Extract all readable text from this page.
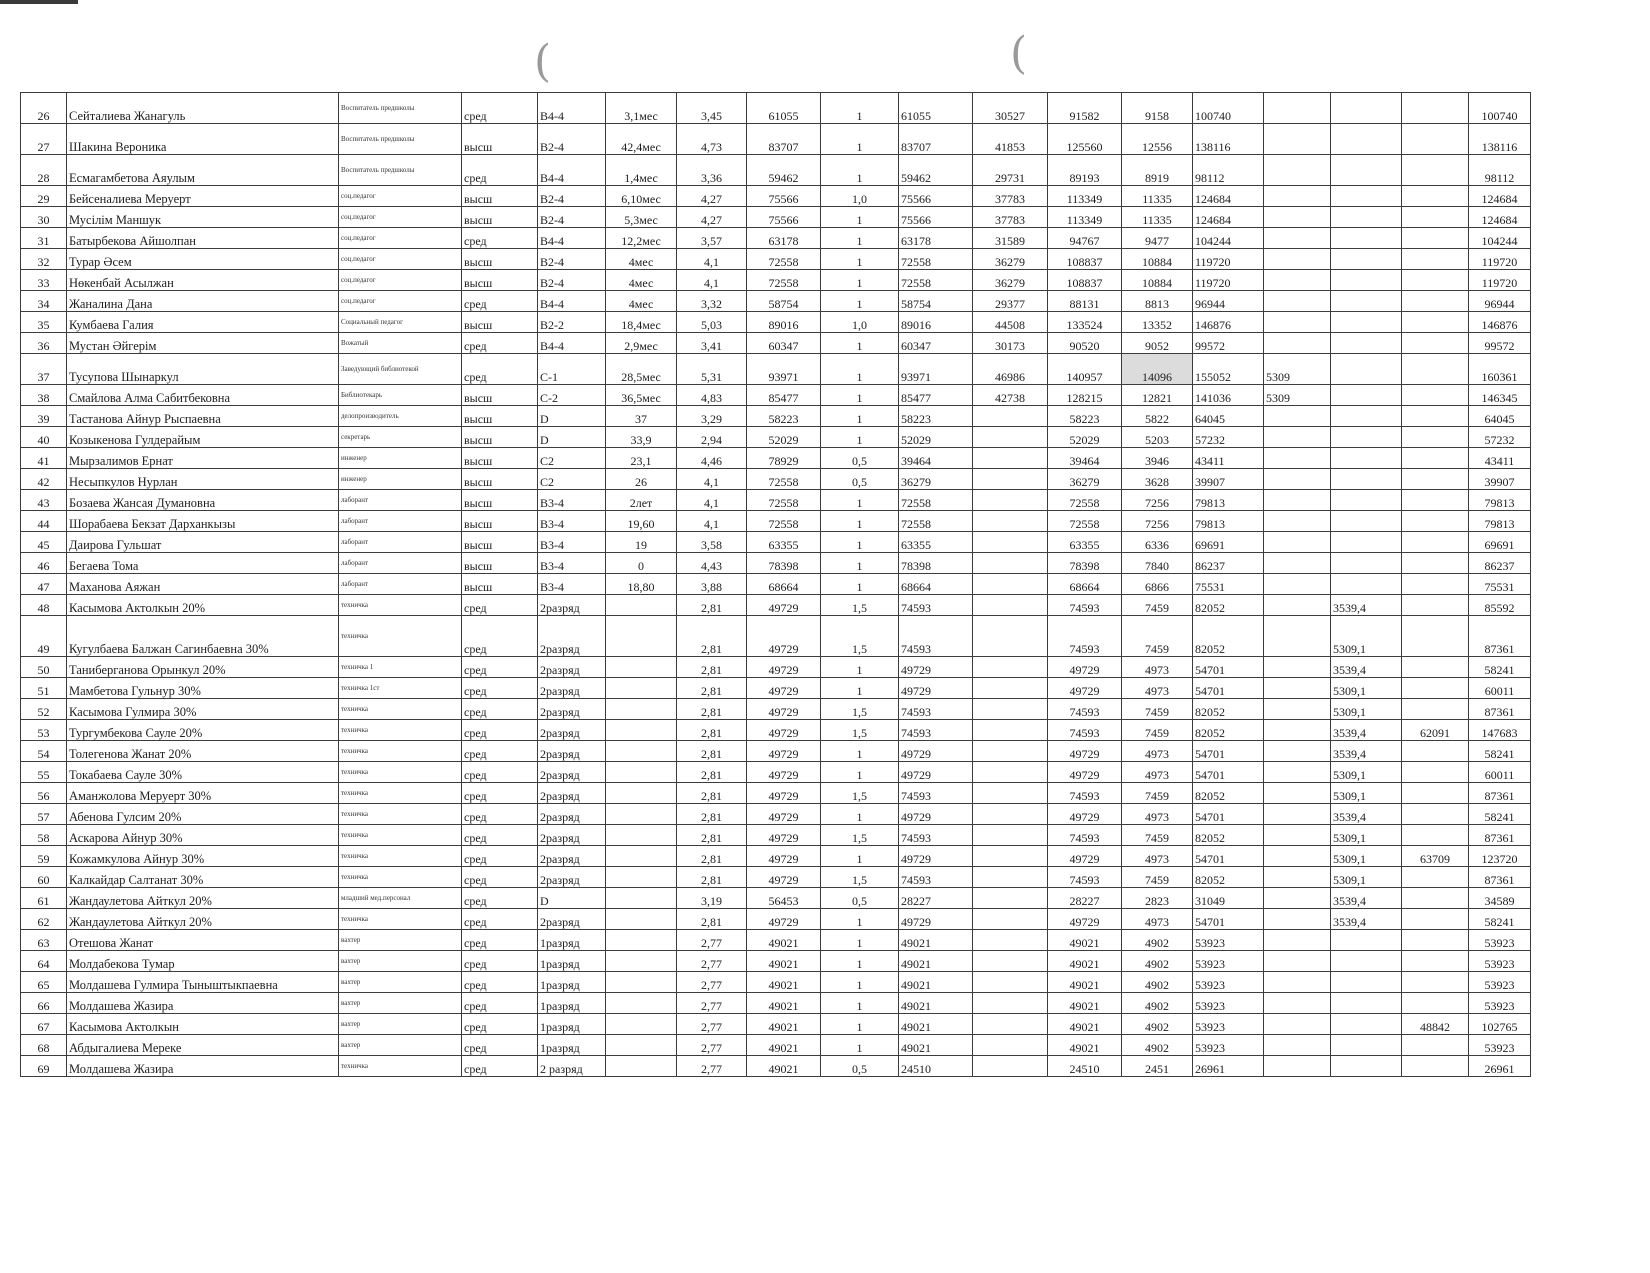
(	(
26	Сейталиева Жанагуль	Воспитатель предшколы	сред	B4-4	3,1мес	3,45	61055	1	61055	30527	91582	9158	100740				100740
27	Шакина Вероника	Воспитатель предшколы	высш	B2-4	42,4мес	4,73	83707	1	83707	41853	125560	12556	138116				138116
28	Есмагамбетова Аяулым	Воспитатель предшколы	сред	B4-4	1,4мес	3,36	59462	1	59462	29731	89193	8919	98112				98112
29	Бейсеналиева Меруерт	соц.педагог	высш	B2-4	6,10мес	4,27	75566	1,0	75566	37783	113349	11335	124684				124684
30	Мусілім Маншук	соц.педагог	высш	B2-4	5,3мес	4,27	75566	1	75566	37783	113349	11335	124684				124684
31	Батырбекова Айшолпан	соц.педагог	сред	B4-4	12,2мес	3,57	63178	1	63178	31589	94767	9477	104244				104244
32	Турар Әсем	соц.педагог	высш	B2-4	4мес	4,1	72558	1	72558	36279	108837	10884	119720				119720
33	Нөкенбай Асылжан	соц.педагог	высш	B2-4	4мес	4,1	72558	1	72558	36279	108837	10884	119720				119720
34	Жаналина Дана	соц.педагог	сред	B4-4	4мес	3,32	58754	1	58754	29377	88131	8813	96944				96944
35	Кумбаева Галия	Социальный педагог	высш	B2-2	18,4мес	5,03	89016	1,0	89016	44508	133524	13352	146876				146876
36	Мустан Әйгерім	Вожатый	сред	B4-4	2,9мес	3,41	60347	1	60347	30173	90520	9052	99572				99572
37	Тусупова Шынаркул	Заведующий библиотекой	сред	C-1	28,5мес	5,31	93971	1	93971	46986	140957	14096	155052	5309			160361
38	Смайлова Алма Сабитбековна	Библиотекарь	высш	C-2	36,5мес	4,83	85477	1	85477	42738	128215	12821	141036	5309			146345
39	Тастанова Айнур Рыспаевна	делопроизводитель	высш	D	37	3,29	58223	1	58223		58223	5822	64045				64045
40	Козыкенова Гулдерайым	секретарь	высш	D	33,9	2,94	52029	1	52029		52029	5203	57232				57232
41	Мырзалимов Ернат	инженер	высш	C2	23,1	4,46	78929	0,5	39464		39464	3946	43411				43411
42	Несыпкулов Нурлан	инженер	высш	C2	26	4,1	72558	0,5	36279		36279	3628	39907				39907
43	Бозаева Жансая Думановна	лаборант	высш	B3-4	2лет	4,1	72558	1	72558		72558	7256	79813				79813
44	Шорабаева Бекзат Дарханкызы	лаборант	высш	B3-4	19,60	4,1	72558	1	72558		72558	7256	79813				79813
45	Даирова Гульшат	лаборант	высш	B3-4	19	3,58	63355	1	63355		63355	6336	69691				69691
46	Бегаева Тома	лаборант	высш	B3-4	0	4,43	78398	1	78398		78398	7840	86237				86237
47	Маханова Аяжан	лаборант	высш	B3-4	18,80	3,88	68664	1	68664		68664	6866	75531				75531
48	Касымова Актолкын 20%	техничка	сред	2разряд		2,81	49729	1,5	74593		74593	7459	82052		3539,4		85592
49	Кугулбаева Балжан Сагинбаевна 30%	техничка	сред	2разряд		2,81	49729	1,5	74593		74593	7459	82052		5309,1		87361
50	Таниберганова Орынкул 20%	техничка 1	сред	2разряд		2,81	49729	1	49729		49729	4973	54701		3539,4		58241
51	Мамбетова Гульнур 30%	техничка 1ст	сред	2разряд		2,81	49729	1	49729		49729	4973	54701		5309,1		60011
52	Касымова Гулмира 30%	техничка	сред	2разряд		2,81	49729	1,5	74593		74593	7459	82052		5309,1		87361
53	Тургумбекова Сауле 20%	техничка	сред	2разряд		2,81	49729	1,5	74593		74593	7459	82052		3539,4	62091	147683
54	Толегенова Жанат 20%	техничка	сред	2разряд		2,81	49729	1	49729		49729	4973	54701		3539,4		58241
55	Токабаева Сауле 30%	техничка	сред	2разряд		2,81	49729	1	49729		49729	4973	54701		5309,1		60011
56	Аманжолова Меруерт 30%	техничка	сред	2разряд		2,81	49729	1,5	74593		74593	7459	82052		5309,1		87361
57	Абенова Гулсим 20%	техничка	сред	2разряд		2,81	49729	1	49729		49729	4973	54701		3539,4		58241
58	Аскарова Айнур 30%	техничка	сред	2разряд		2,81	49729	1,5	74593		74593	7459	82052		5309,1		87361
59	Кожамкулова Айнур 30%	техничка	сред	2разряд		2,81	49729	1	49729		49729	4973	54701		5309,1	63709	123720
60	Калкайдар Салтанат 30%	техничка	сред	2разряд		2,81	49729	1,5	74593		74593	7459	82052		5309,1		87361
61	Жандаулетова Айткул 20%	младший мед.персонал	сред	D		3,19	56453	0,5	28227		28227	2823	31049		3539,4		34589
62	Жандаулетова Айткул 20%	техничка	сред	2разряд		2,81	49729	1	49729		49729	4973	54701		3539,4		58241
63	Отешова Жанат	вахтер	сред	1разряд		2,77	49021	1	49021		49021	4902	53923				53923
64	Молдабекова Тумар	вахтер	сред	1разряд		2,77	49021	1	49021		49021	4902	53923				53923
65	Молдашева Гулмира Тыныштыкпаевна	вахтер	сред	1разряд		2,77	49021	1	49021		49021	4902	53923				53923
66	Молдашева Жазира	вахтер	сред	1разряд		2,77	49021	1	49021		49021	4902	53923				53923
67	Касымова Актолкын	вахтер	сред	1разряд		2,77	49021	1	49021		49021	4902	53923			48842	102765
68	Абдыгалиева Мереке	вахтер	сред	1разряд		2,77	49021	1	49021		49021	4902	53923				53923
69	Молдашева Жазира	техничка	сред	2 разряд		2,77	49021	0,5	24510		24510	2451	26961				26961
